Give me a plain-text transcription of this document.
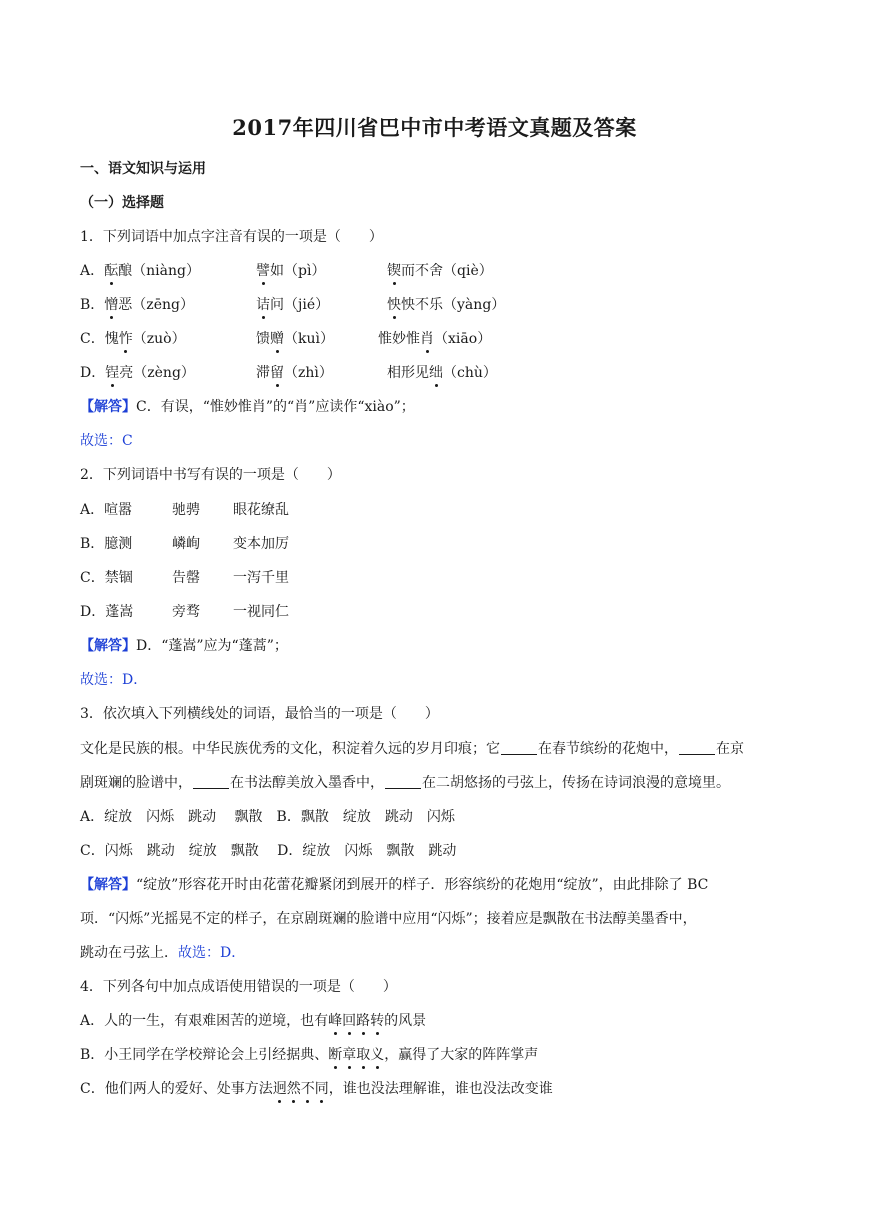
2017年四川省巴中市中考语文真题及答案
一、语文知识与运用
（一）选择题
1．下列词语中加点字注音有误的一项是（　　）
A．酝酿（niàng）	譬如（pì）	锲而不舍（qiè）
B．憎恶（zēng）	诘问（jié）	怏怏不乐（yàng）
C．愧怍（zuò）	馈赠（kuì）	惟妙惟肖（xiāo）
D．锃亮（zèng）	滞留（zhì）	相形见绌（chù）
【解答】C．有误，“惟妙惟肖”的“肖”应读作“xiào”；
故选：C
2．下列词语中书写有误的一项是（　　）
A．喧嚣	驰骋 眼花缭乱
B．臆测	嶙峋 变本加厉
C．禁锢	告罄 一泻千里
D．蓬嵩	旁骛 一视同仁
【解答】D．“蓬嵩”应为“蓬蒿”；
故选：D．
3．依次填入下列横线处的词语，最恰当的一项是（　　）
文化是民族的根。中华民族优秀的文化，积淀着久远的岁月印痕；它	在春节缤纷的花炮中，	在京
剧斑斓的脸谱中，	在书法醇美放入墨香中，	在二胡悠扬的弓弦上，传扬在诗词浪漫的意境里。
A．绽放　闪烁　跳动　 飘散　B．飘散　绽放　跳动　闪烁
C．闪烁　跳动　绽放　飘散　 D．绽放　闪烁　飘散　跳动
【解答】“绽放”形容花开时由花蕾花瓣紧闭到展开的样子．形容缤纷的花炮用“绽放”，由此排除了 BC
项．“闪烁”光摇晃不定的样子，在京剧斑斓的脸谱中应用“闪烁”；接着应是飘散在书法醇美墨香中，
跳动在弓弦上．故选：D．
4．下列各句中加点成语使用错误的一项是（　　）
A．人的一生，有艰难困苦的逆境，也有峰回路转的风景
B．小王同学在学校辩论会上引经据典、断章取义，赢得了大家的阵阵掌声
C．他们两人的爱好、处事方法迥然不同，谁也没法理解谁，谁也没法改变谁
